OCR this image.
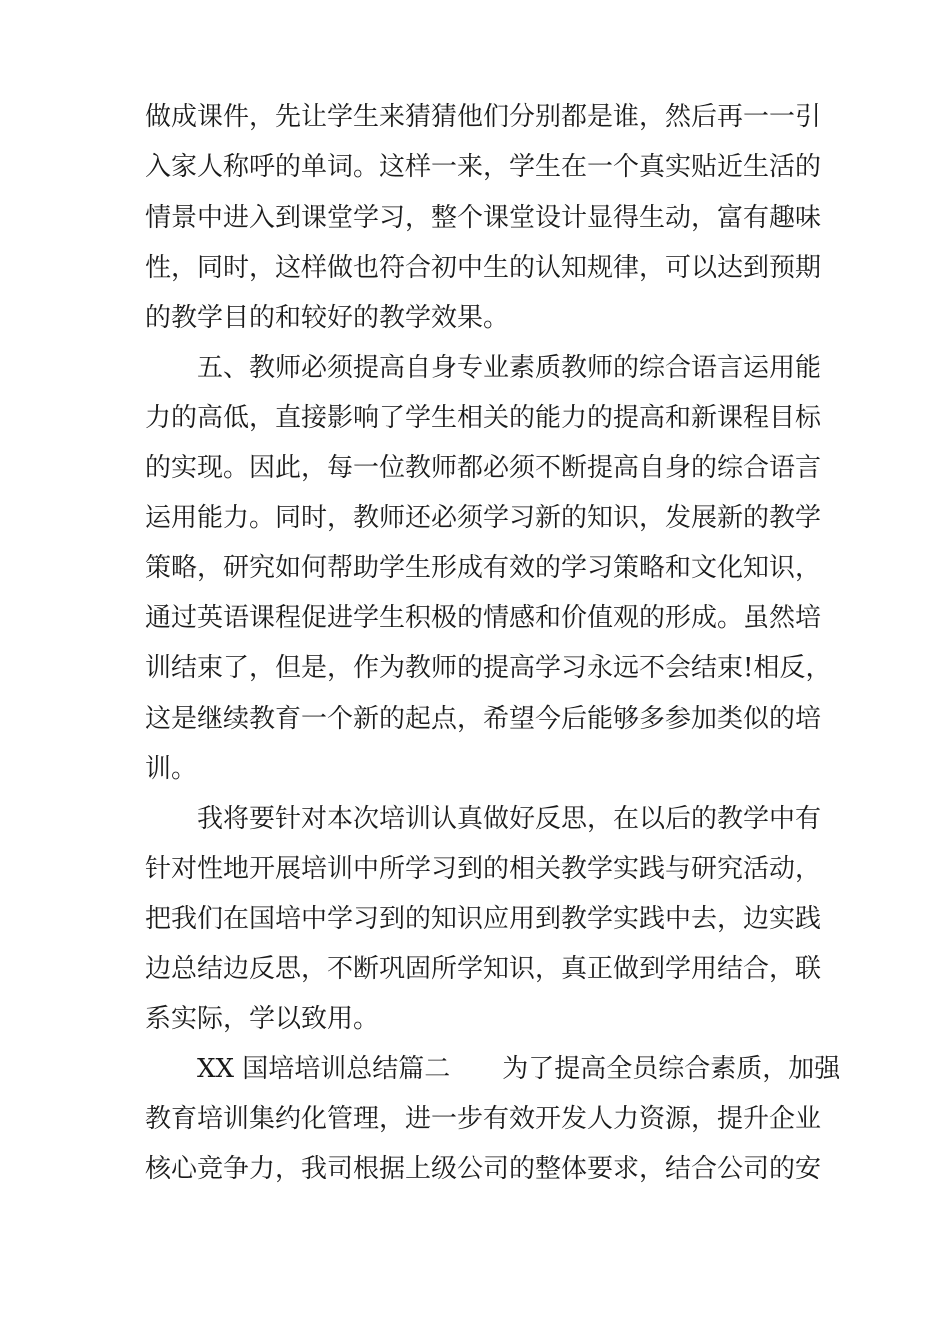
做成课件，先让学生来猜猜他们分别都是谁，然后再一一引
入家人称呼的单词。这样一来，学生在一个真实贴近生活的
情景中进入到课堂学习，整个课堂设计显得生动，富有趣味
性，同时，这样做也符合初中生的认知规律，可以达到预期
的教学目的和较好的教学效果。
五、教师必须提高自身专业素质教师的综合语言运用能
力的高低，直接影响了学生相关的能力的提高和新课程目标
的实现。因此，每一位教师都必须不断提高自身的综合语言
运用能力。同时，教师还必须学习新的知识，发展新的教学
策略，研究如何帮助学生形成有效的学习策略和文化知识，
通过英语课程促进学生积极的情感和价值观的形成。虽然培
训结束了，但是，作为教师的提高学习永远不会结束!相反，
这是继续教育一个新的起点，希望今后能够多参加类似的培
训。
我将要针对本次培训认真做好反思，在以后的教学中有
针对性地开展培训中所学习到的相关教学实践与研究活动，
把我们在国培中学习到的知识应用到教学实践中去，边实践
边总结边反思，不断巩固所学知识，真正做到学用结合，联
系实际，学以致用。
XX 国培培训总结篇二　　为了提高全员综合素质，加强
教育培训集约化管理，进一步有效开发人力资源，提升企业
核心竞争力，我司根据上级公司的整体要求，结合公司的安
